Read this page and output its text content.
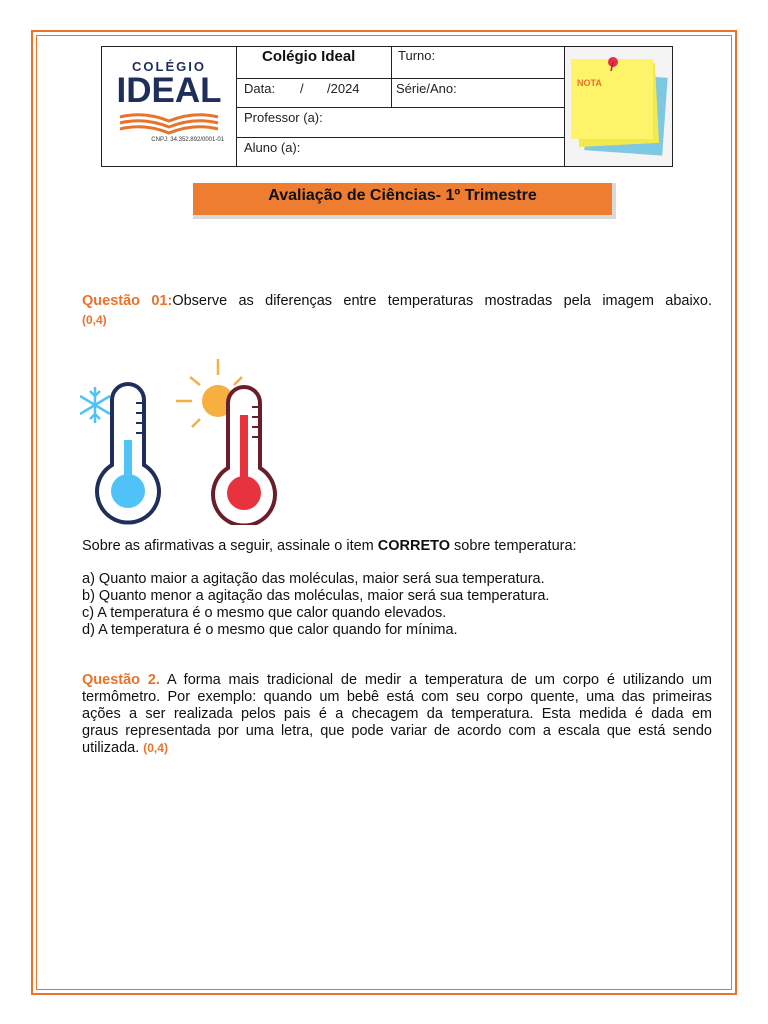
COLÉGIO
IDEAL
CNPJ: 34.352.892/0001-01
Colégio Ideal	Turno:
Data: / /2024	Série/Ano:
Professor (a):
Aluno (a):
NOTA
Avaliação de Ciências- 1º Trimestre
Questão 01:Observe as diferenças entre temperaturas mostradas pela imagem abaixo.
(0,4)
Sobre as afirmativas a seguir, assinale o item CORRETO sobre temperatura:
a) Quanto maior a agitação das moléculas, maior será sua temperatura.
b) Quanto menor a agitação das moléculas, maior será sua temperatura.
c) A temperatura é o mesmo que calor quando elevados.
d) A temperatura é o mesmo que calor quando for mínima.
Questão 2. A forma mais tradicional de medir a temperatura de um corpo é utilizando um
termômetro. Por exemplo: quando um bebê está com seu corpo quente, uma das primeiras
ações a ser realizada pelos pais é a checagem da temperatura. Esta medida é dada em
graus representada por uma letra, que pode variar de acordo com a escala que está sendo
utilizada. (0,4)
